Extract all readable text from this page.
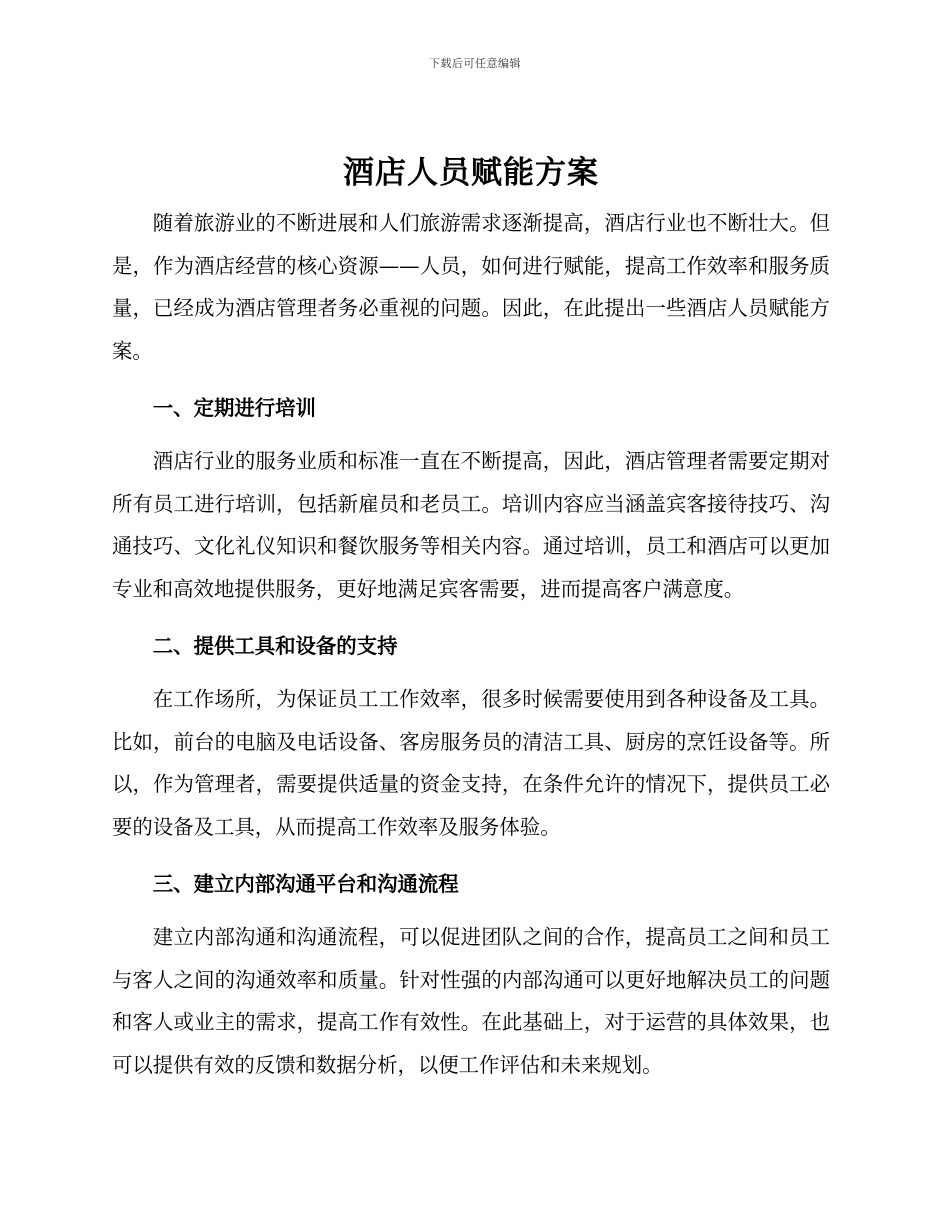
下载后可任意编辑
酒店人员赋能方案

随着旅游业的不断进展和人们旅游需求逐渐提高，酒店行业也不断壮大。但是，作为酒店经营的核心资源——人员，如何进行赋能，提高工作效率和服务质量，已经成为酒店管理者务必重视的问题。因此，在此提出一些酒店人员赋能方案。

一、定期进行培训

酒店行业的服务业质和标准一直在不断提高，因此，酒店管理者需要定期对所有员工进行培训，包括新雇员和老员工。培训内容应当涵盖宾客接待技巧、沟通技巧、文化礼仪知识和餐饮服务等相关内容。通过培训，员工和酒店可以更加专业和高效地提供服务，更好地满足宾客需要，进而提高客户满意度。

二、提供工具和设备的支持

在工作场所，为保证员工工作效率，很多时候需要使用到各种设备及工具。比如，前台的电脑及电话设备、客房服务员的清洁工具、厨房的烹饪设备等。所以，作为管理者，需要提供适量的资金支持，在条件允许的情况下，提供员工必要的设备及工具，从而提高工作效率及服务体验。

三、建立内部沟通平台和沟通流程

建立内部沟通和沟通流程，可以促进团队之间的合作，提高员工之间和员工与客人之间的沟通效率和质量。针对性强的内部沟通可以更好地解决员工的问题和客人或业主的需求，提高工作有效性。在此基础上，对于运营的具体效果，也可以提供有效的反馈和数据分析，以便工作评估和未来规划。
